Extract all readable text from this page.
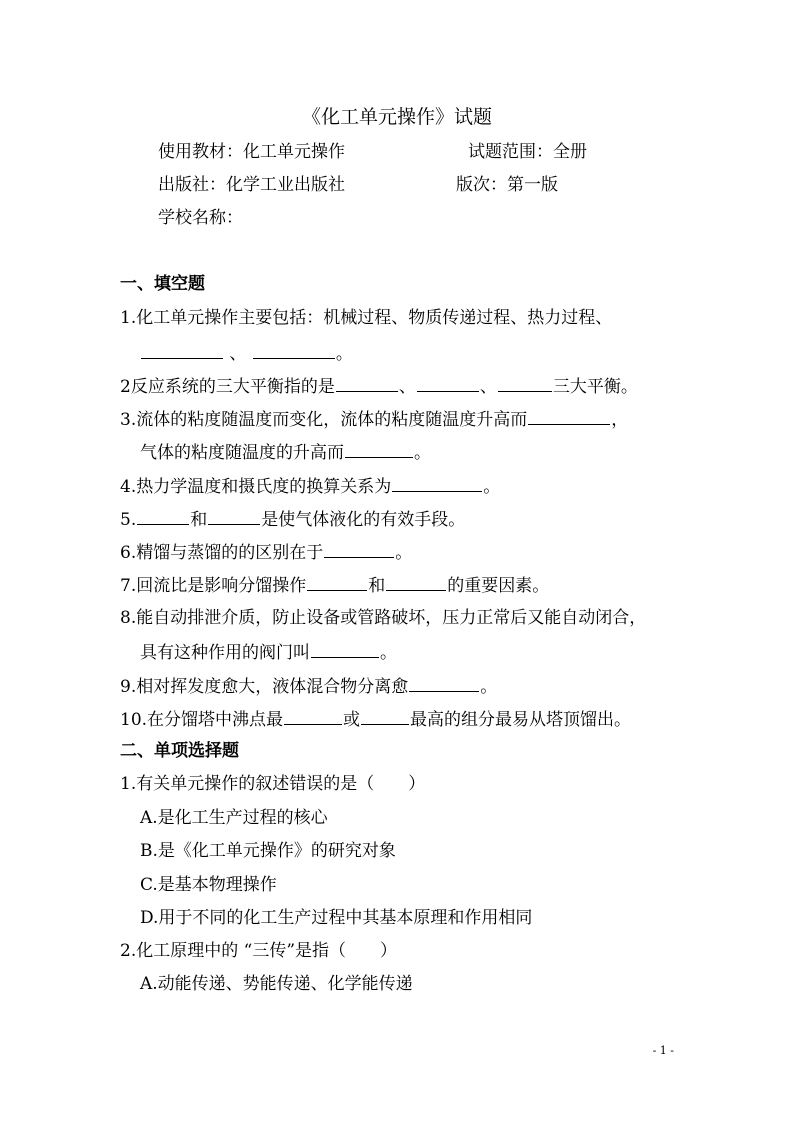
《化工单元操作》试题
使用教材：化工单元操作	试题范围：全册
出版社：化学工业出版社	版次：第一版
学校名称：
一、填空题
1.化工单元操作主要包括：机械过程、物质传递过程、热力过程、
、	。
2反应系统的三大平衡指的是	、	、	三大平衡。
3.流体的粘度随温度而变化，流体的粘度随温度升高而	，
气体的粘度随温度的升高而	。
4.热力学温度和摄氏度的换算关系为	。
5.	和	是使气体液化的有效手段。
6.精馏与蒸馏的的区别在于	。
7.回流比是影响分馏操作	和	的重要因素。
8.能自动排泄介质，防止设备或管路破坏，压力正常后又能自动闭合，
具有这种作用的阀门叫	。
9.相对挥发度愈大，液体混合物分离愈	。
10.在分馏塔中沸点最	或	最高的组分最易从塔顶馏出。
二、单项选择题
1.有关单元操作的叙述错误的是（　　）
A.是化工生产过程的核心
B.是《化工单元操作》的研究对象
C.是基本物理操作
D.用于不同的化工生产过程中其基本原理和作用相同
2.化工原理中的 “三传”是指（　　）
A.动能传递、势能传递、化学能传递
- 1 -
